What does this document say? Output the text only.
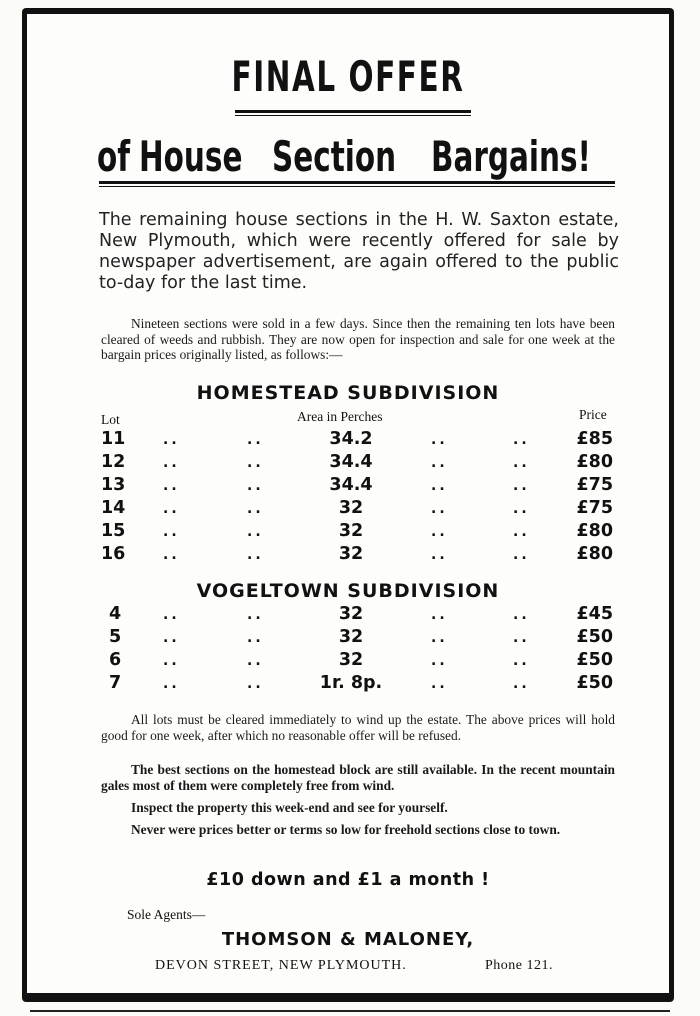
FINAL OFFER
of House Section Bargains!
The remaining house sections in the H. W. Saxton estate, New Plymouth, which were recently offered for sale by newspaper advertisement, are again offered to the public to-day for the last time.
Nineteen sections were sold in a few days. Since then the remaining ten lots have been cleared of weeds and rubbish. They are now open for inspection and sale for one week at the bargain prices originally listed, as follows:—
HOMESTEAD SUBDIVISION
Lot	Area in Perches	Price
11	..	..	34.2	..	..	£85
12	..	..	34.4	..	..	£80
13	..	..	34.4	..	..	£75
14	..	..	32	..	..	£75
15	..	..	32	..	..	£80
16	..	..	32	..	..	£80
VOGELTOWN SUBDIVISION
4	..	..	32	..	..	£45
5	..	..	32	..	..	£50
6	..	..	32	..	..	£50
7	..	..	1r. 8p.	..	..	£50
All lots must be cleared immediately to wind up the estate. The above prices will hold good for one week, after which no reasonable offer will be refused.
The best sections on the homestead block are still available. In the recent mountain gales most of them were completely free from wind.
Inspect the property this week-end and see for yourself.
Never were prices better or terms so low for freehold sections close to town.
£10 down and £1 a month !
Sole Agents—
THOMSON & MALONEY,
DEVON STREET, NEW PLYMOUTH.	Phone 121.
